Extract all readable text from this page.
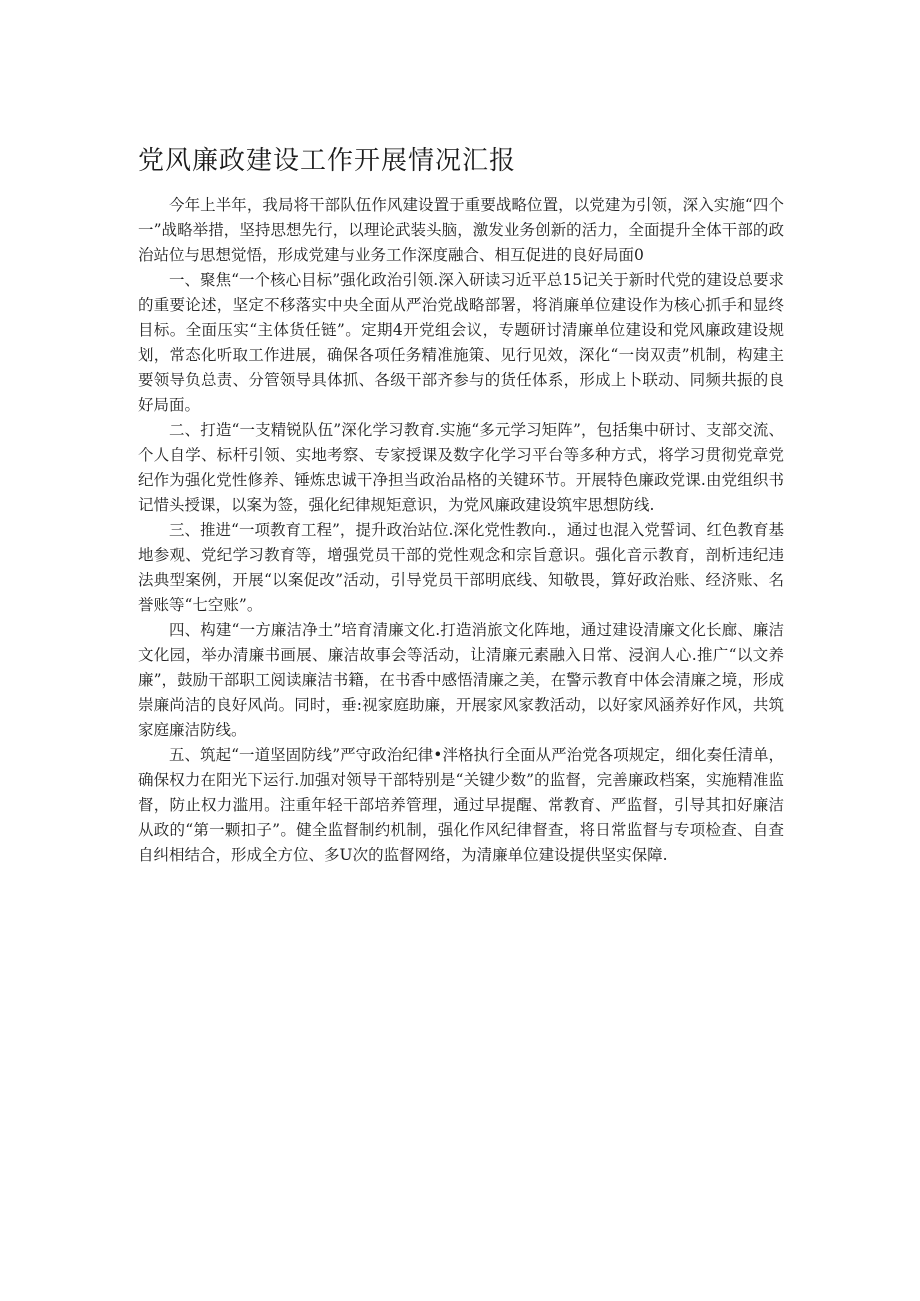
党风廉政建设工作开展情况汇报

今年上半年，我局将干部队伍作风建设置于重要战略位置，以党建为引领，深入实施“四个一”战略举措，坚持思想先行，以理论武装头脑，激发业务创新的活力，全面提升全体干部的政治站位与思想觉悟，形成党建与业务工作深度融合、相互促进的良好局面0

一、聚焦“一个核心目标”强化政治引领.深入研读习近平总15记关于新时代党的建设总要求的重要论述，坚定不移落实中央全面从严治党战略部署，将消廉单位建设作为核心抓手和显终目标。全面压实“主体货任链”。定期4开党组会议，专题研讨清廉单位建设和党风廉政建设规划，常态化听取工作进展，确保各项任务精准施策、见行见效，深化“一岗双责”机制，构建主要领导负总责、分管领导具体抓、各级干部齐参与的货任体系，形成上卜联动、同频共振的良好局面。

二、打造“一支精锐队伍”深化学习教育.实施“多元学习矩阵”，包括集中研讨、支部交流、个人自学、标杆引领、实地考察、专家授课及数字化学习平台等多种方式，将学习贯彻党章党纪作为强化党性修养、锤炼忠诚干净担当政治品格的关键环节。开展特色廉政党课.由党组织书记惜头授课，以案为签，强化纪律规矩意识，为党风廉政建设筑牢思想防线.

三、推进“一项教育工程”，提升政治站位.深化党性教向.，通过也混入党誓词、红色教育基地参观、党纪学习教育等，增强党员干部的党性观念和宗旨意识。强化音示教育，剖析违纪违法典型案例，开展“以案促改”活动，引导党员干部明底线、知敬畏，算好政治账、经济账、名誉账等“七空账”。

四、构建“一方廉洁净土”培育清廉文化.打造消旅文化阵地，通过建设清廉文化长廊、廉洁文化园，举办清廉书画展、廉洁故事会等活动，让清廉元素融入日常、浸润人心.推广“以文养廉”，鼓励干部职工阅读廉洁书籍，在书香中感悟清廉之美，在警示教育中体会清廉之境，形成崇廉尚洁的良好风尚。同时，垂:视家庭助廉，开展家风家教活动，以好家风涵养好作风，共筑家庭廉洁防线。

五、筑起“一道坚固防线”严守政治纪律•泮格执行全面从严治党各项规定，细化奏任清单，确保权力在阳光下运行.加强对领导干部特别是“关键少数”的监督，完善廉政档案，实施精准监督，防止权力滥用。注重年轻干部培养管理，通过早提醒、常教育、严监督，引导其扣好廉洁从政的“第一颗扣子”。健全监督制约机制，强化作风纪律督查，将日常监督与专项检查、自查自纠相结合，形成全方位、多U次的监督网络，为清廉单位建设提供坚实保障.
